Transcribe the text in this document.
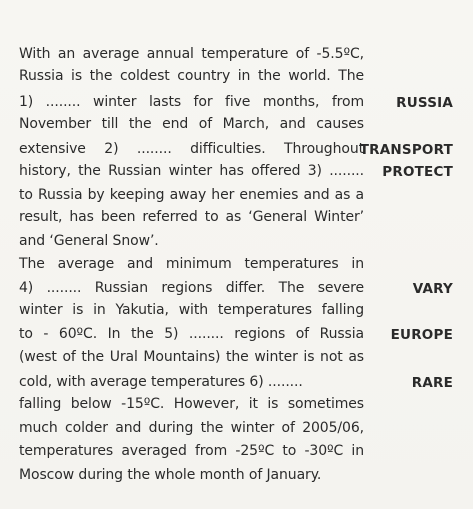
With an average annual temperature of -5.5ºC,
Russia is the coldest country in the world. The
1) ........ winter lasts for five months, from
November till the end of March, and causes
extensive 2) ........ difficulties. Throughout
history, the Russian winter has offered 3) ........
to Russia by keeping away her enemies and as a
result, has been referred to as ‘General Winter’
and ‘General Snow’.
The average and minimum temperatures in
4) ........ Russian regions differ. The severe
winter is in Yakutia, with temperatures falling
to - 60ºC. In the 5) ........ regions of Russia
(west of the Ural Mountains) the winter is not as
cold, with average temperatures 6) ........
falling below -15ºC. However, it is sometimes
much colder and during the winter of 2005/06,
temperatures averaged from -25ºC to -30ºC in
Moscow during the whole month of January.
RUSSIA
TRANSPORT
PROTECT
VARY
EUROPE
RARE
